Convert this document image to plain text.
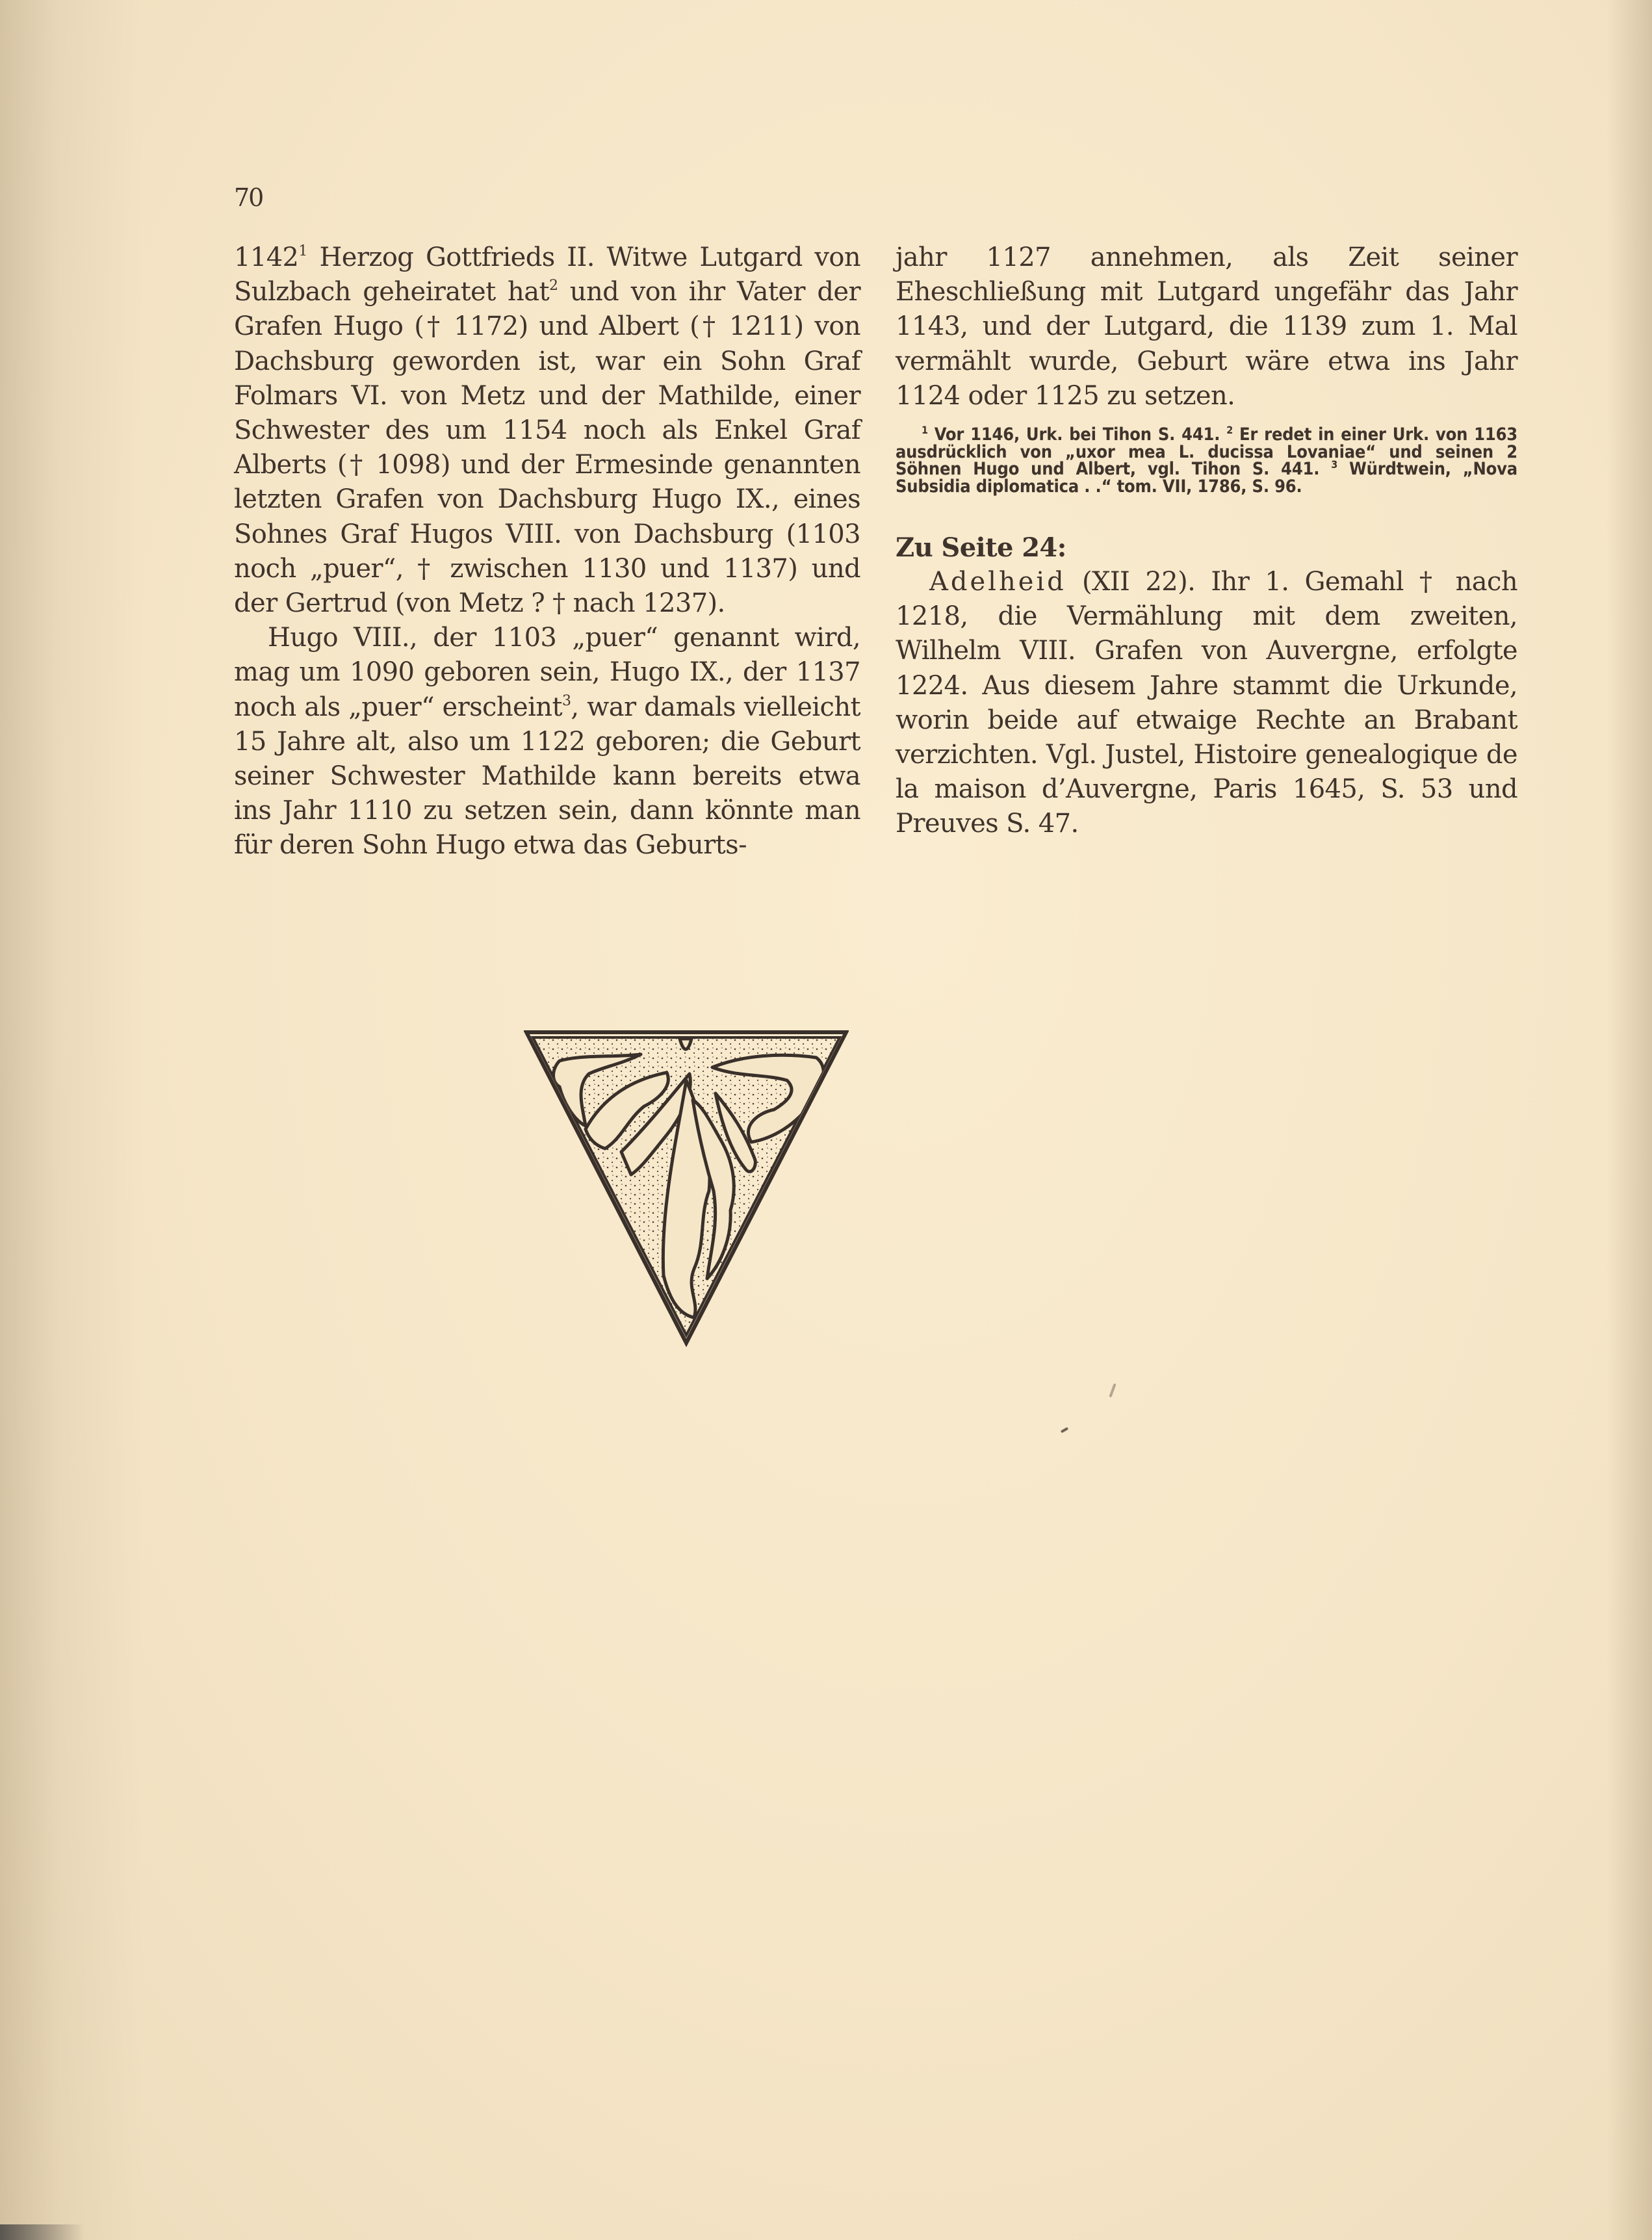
70

1142$^1$ Herzog Gottfrieds II. Witwe Lutgard von Sulzbach geheiratet hat$^2$ und von ihr Vater der Grafen Hugo († 1172) und Albert († 1211) von Dachsburg geworden ist, war ein Sohn Graf Folmars VI. von Metz und der Mathilde, einer Schwester des um 1154 noch als Enkel Graf Alberts († 1098) und der Ermesinde genannten letzten Grafen von Dachsburg Hugo IX., eines Sohnes Graf Hugos VIII. von Dachsburg (1103 noch „puer“, † zwischen 1130 und 1137) und der Gertrud (von Metz ? † nach 1237).

Hugo VIII., der 1103 „puer“ genannt wird, mag um 1090 geboren sein, Hugo IX., der 1137 noch als „puer“ erscheint$^3$, war damals vielleicht 15 Jahre alt, also um 1122 geboren; die Geburt seiner Schwester Mathilde kann bereits etwa ins Jahr 1110 zu setzen sein, dann könnte man für deren Sohn Hugo etwa das Geburts-

jahr 1127 annehmen, als Zeit seiner Eheschließung mit Lutgard ungefähr das Jahr 1143, und der Lutgard, die 1139 zum 1. Mal vermählt wurde, Geburt wäre etwa ins Jahr 1124 oder 1125 zu setzen.

$^1$ Vor 1146, Urk. bei Tihon S. 441. $^2$ Er redet in einer Urk. von 1163 ausdrücklich von „uxor mea L. ducissa Lovaniae“ und seinen 2 Söhnen Hugo und Albert, vgl. Tihon S. 441. $^3$ Würdtwein, „Nova Subsidia diplomatica . .“ tom. VII, 1786, S. 96.

Zu Seite 24:

Adelheid (XII 22). Ihr 1. Gemahl † nach 1218, die Vermählung mit dem zweiten, Wilhelm VIII. Grafen von Auvergne, erfolgte 1224. Aus diesem Jahre stammt die Urkunde, worin beide auf etwaige Rechte an Brabant verzichten. Vgl. Justel, Histoire genealogique de la maison d’Auvergne, Paris 1645, S. 53 und Preuves S. 47.
